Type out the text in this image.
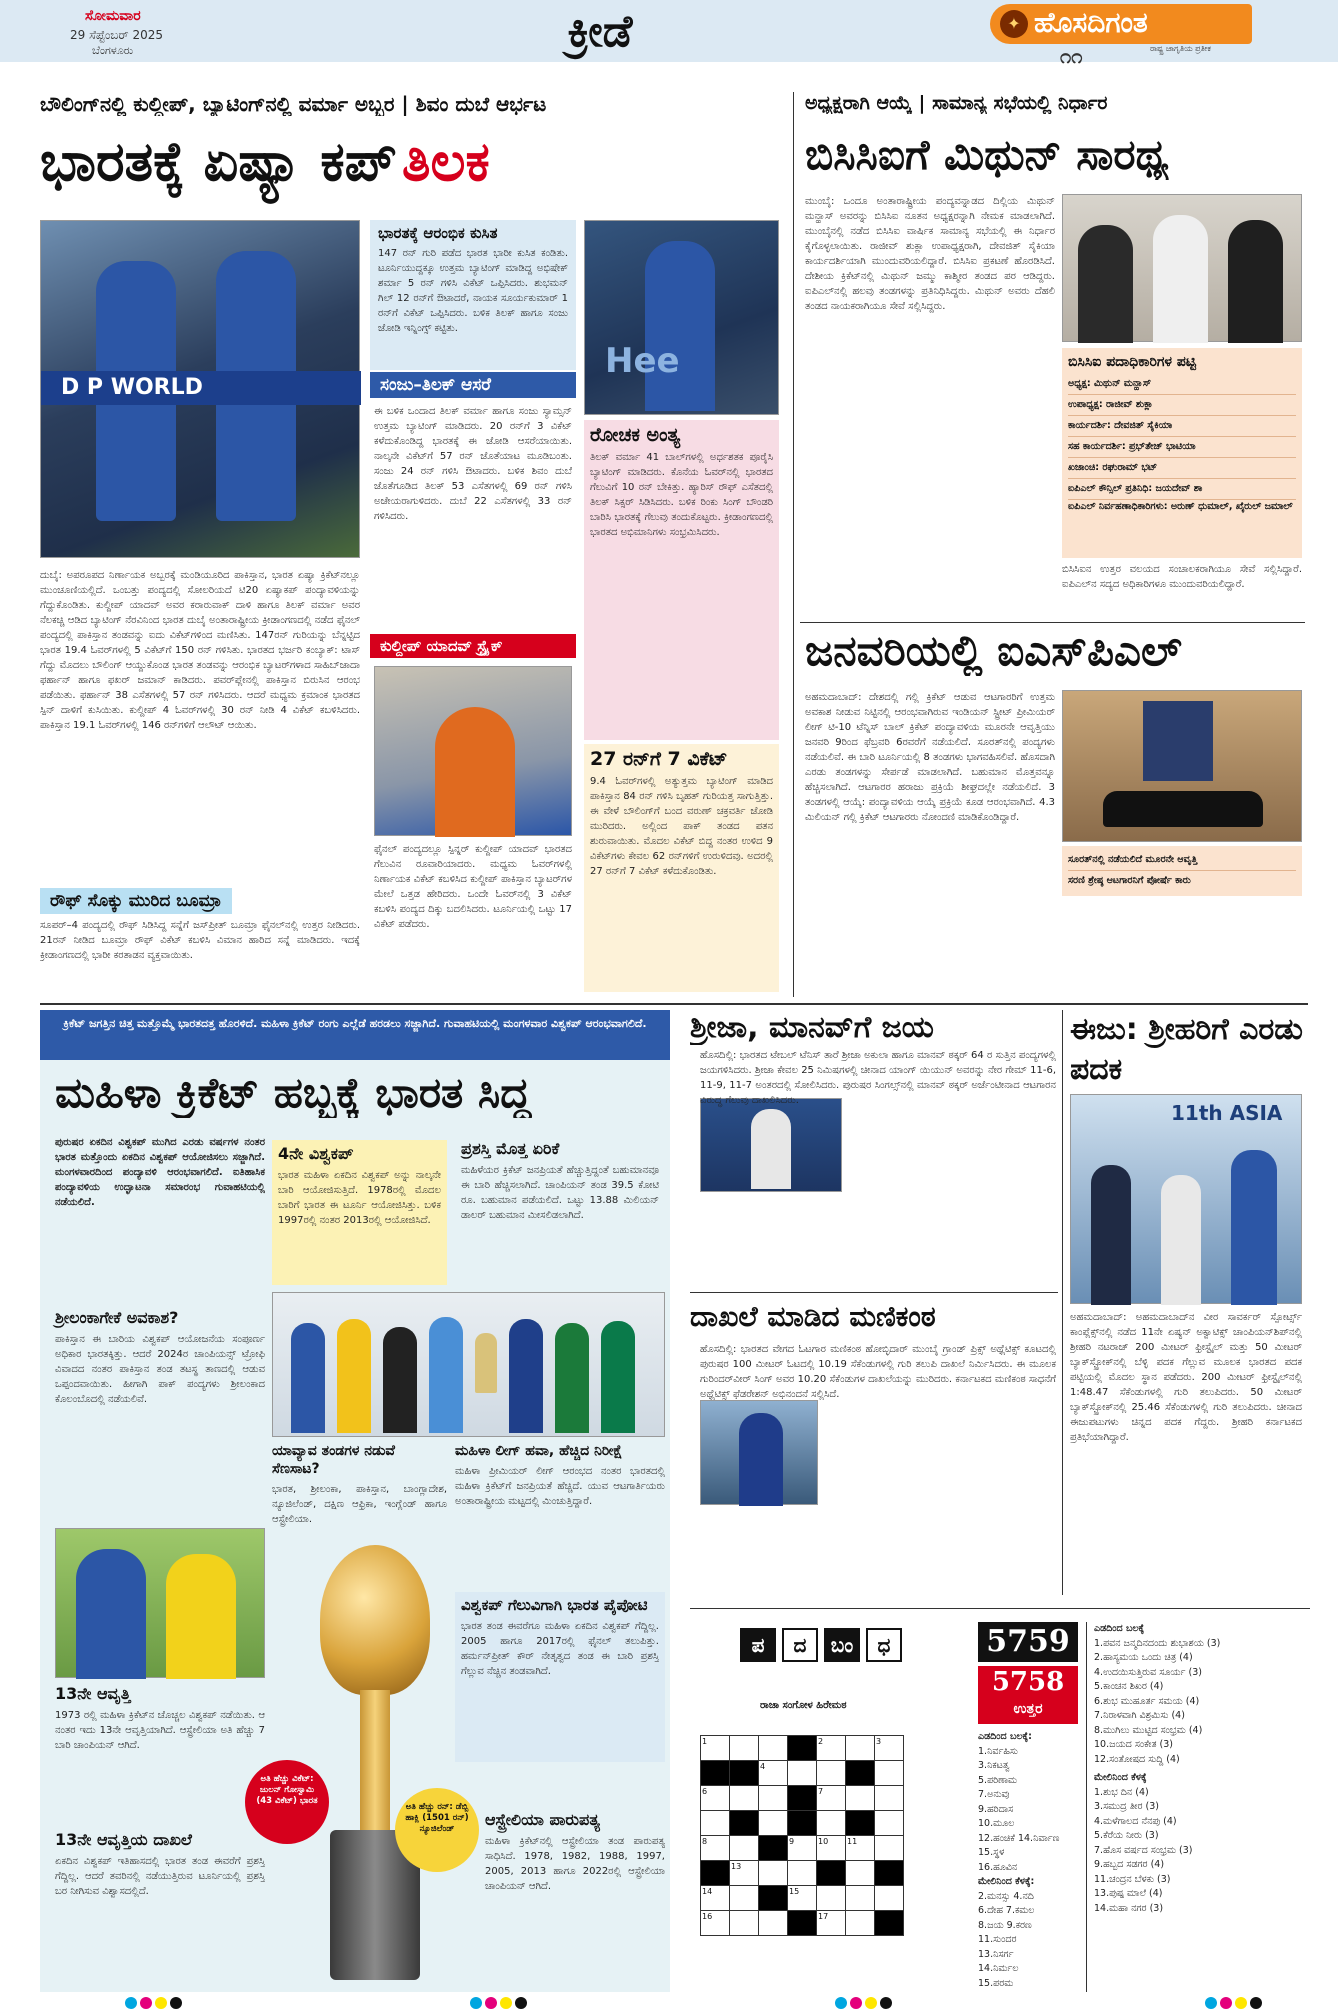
ಸೋಮವಾರ
29 ಸೆಪ್ಟೆಂಬರ್ 2025
ಬೆಂಗಳೂರು	ಕ್ರೀಡೆ	✦ ಹೊಸದಿಗಂತ
ರಾಷ್ಟ್ರ ಜಾಗೃತಿಯ ಪ್ರತೀಕ
೧೧
ಬೌಲಿಂಗ್‌ನಲ್ಲಿ ಕುಲ್ದೀಪ್, ಬ್ಯಾಟಿಂಗ್‌ನಲ್ಲಿ ವರ್ಮಾ ಅಬ್ಬರ | ಶಿವಂ ದುಬೆ ಆರ್ಭಟ
ಭಾರತಕ್ಕೆ ಏಷ್ಯಾ ಕಪ್ ತಿಲಕ
D P WORLD
ದುಬೈ: ಅಪರೂಪದ ನಿರ್ಣಾಯಕ ಅಬ್ಬರಕ್ಕೆ ಮಂಡಿಯೂರಿದ ಪಾಕಿಸ್ತಾನ, ಭಾರತ ಏಷ್ಯಾ ಕ್ರಿಕೆಟ್‌ನಲ್ಲೂ ಮುಂಚೂಣಿಯಲ್ಲಿದೆ. ಒಂಬತ್ತು ಪಂದ್ಯದಲ್ಲಿ ಸೋಲರಿಯದೆ ಟಿ20 ಏಷ್ಯಾಕಪ್ ಪಂದ್ಯಾವಳಿಯನ್ನು ಗೆದ್ದುಕೊಂಡಿತು. ಕುಲ್ದೀಪ್ ಯಾದವ್ ಅವರ ಕರಾರುವಾಕ್ ದಾಳಿ ಹಾಗೂ ತಿಲಕ್ ವರ್ಮಾ ಅವರ ನೆಲಕಚ್ಚಿ ಆಡಿದ ಬ್ಯಾಟಿಂಗ್ ನೆರವಿನಿಂದ ಭಾರತ ದುಬೈ ಅಂತಾರಾಷ್ಟ್ರೀಯ ಕ್ರೀಡಾಂಗಣದಲ್ಲಿ ನಡೆದ ಫೈನಲ್ ಪಂದ್ಯದಲ್ಲಿ ಪಾಕಿಸ್ತಾನ ತಂಡವನ್ನು ಐದು ವಿಕೆಟ್‌ಗಳಿಂದ ಮಣಿಸಿತು. 147ರನ್ ಗುರಿಯನ್ನು ಬೆನ್ನಟ್ಟಿದ ಭಾರತ 19.4 ಓವರ್‌ಗಳಲ್ಲಿ 5 ವಿಕೆಟ್‌ಗೆ 150 ರನ್ ಗಳಿಸಿತು. ಭಾರತದ ಭರ್ಜರಿ ಕಂಬ್ಯಾಕ್: ಟಾಸ್ ಗೆದ್ದು ಮೊದಲು ಬೌಲಿಂಗ್ ಆಯ್ದುಕೊಂಡ ಭಾರತ ತಂಡವನ್ನು ಆರಂಭಿಕ ಬ್ಯಾಟರ್‌ಗಳಾದ ಸಾಹಿಬ್‌ಜಾದಾ ಫರ್ಹಾನ್ ಹಾಗೂ ಫಖರ್ ಜಮಾನ್ ಕಾಡಿದರು. ಪವರ್‌ಪ್ಲೇನಲ್ಲಿ ಪಾಕಿಸ್ತಾನ ಬಿರುಸಿನ ಆರಂಭ ಪಡೆಯಿತು. ಫರ್ಹಾನ್ 38 ಎಸೆತಗಳಲ್ಲಿ 57 ರನ್ ಗಳಿಸಿದರು. ಆದರೆ ಮಧ್ಯಮ ಕ್ರಮಾಂಕ ಭಾರತದ ಸ್ಪಿನ್ ದಾಳಿಗೆ ಕುಸಿಯಿತು. ಕುಲ್ದೀಪ್ 4 ಓವರ್‌ಗಳಲ್ಲಿ 30 ರನ್ ನೀಡಿ 4 ವಿಕೆಟ್ ಕಬಳಿಸಿದರು. ಪಾಕಿಸ್ತಾನ 19.1 ಓವರ್‌ಗಳಲ್ಲಿ 146 ರನ್‌ಗಳಿಗೆ ಆಲೌಟ್ ಆಯಿತು.
ಭಾರತಕ್ಕೆ ಆರಂಭಿಕ ಕುಸಿತ
147 ರನ್ ಗುರಿ ಪಡೆದ ಭಾರತ ಭಾರೀ ಕುಸಿತ ಕಂಡಿತು. ಟೂರ್ನಿಯುದ್ದಕ್ಕೂ ಉತ್ತಮ ಬ್ಯಾಟಿಂಗ್ ಮಾಡಿದ್ದ ಅಭಿಷೇಕ್ ಶರ್ಮಾ 5 ರನ್ ಗಳಿಸಿ ವಿಕೆಟ್ ಒಪ್ಪಿಸಿದರು. ಶುಭಮನ್ ಗಿಲ್ 12 ರನ್‌ಗೆ ಔಟಾದರೆ, ನಾಯಕ ಸೂರ್ಯಕುಮಾರ್ 1 ರನ್‌ಗೆ ವಿಕೆಟ್ ಒಪ್ಪಿಸಿದರು. ಬಳಿಕ ತಿಲಕ್ ಹಾಗೂ ಸಂಜು ಜೋಡಿ ಇನ್ನಿಂಗ್ಸ್ ಕಟ್ಟಿತು.
ಸಂಜು–ತಿಲಕ್ ಆಸರೆ
ಈ ಬಳಿಕ ಒಂದಾದ ತಿಲಕ್ ವರ್ಮಾ ಹಾಗೂ ಸಂಜು ಸ್ಯಾಮ್ಸನ್ ಉತ್ತಮ ಬ್ಯಾಟಿಂಗ್ ಮಾಡಿದರು. 20 ರನ್‌ಗೆ 3 ವಿಕೆಟ್ ಕಳೆದುಕೊಂಡಿದ್ದ ಭಾರತಕ್ಕೆ ಈ ಜೋಡಿ ಆಸರೆಯಾಯಿತು. ನಾಲ್ಕನೇ ವಿಕೆಟ್‌ಗೆ 57 ರನ್ ಜೊತೆಯಾಟ ಮೂಡಿಬಂತು. ಸಂಜು 24 ರನ್ ಗಳಿಸಿ ಔಟಾದರು. ಬಳಿಕ ಶಿವಂ ದುಬೆ ಜೊತೆಗೂಡಿದ ತಿಲಕ್ 53 ಎಸೆತಗಳಲ್ಲಿ 69 ರನ್ ಗಳಿಸಿ ಅಜೇಯರಾಗುಳಿದರು. ದುಬೆ 22 ಎಸೆತಗಳಲ್ಲಿ 33 ರನ್ ಗಳಿಸಿದರು.
ಕುಲ್ದೀಪ್ ಯಾದವ್ ಸ್ಟ್ರೈಕ್
ಫೈನಲ್ ಪಂದ್ಯದಲ್ಲೂ ಸ್ಪಿನ್ನರ್ ಕುಲ್ದೀಪ್ ಯಾದವ್ ಭಾರತದ ಗೆಲುವಿನ ರೂವಾರಿಯಾದರು. ಮಧ್ಯಮ ಓವರ್‌ಗಳಲ್ಲಿ ನಿರ್ಣಾಯಕ ವಿಕೆಟ್ ಕಬಳಿಸಿದ ಕುಲ್ದೀಪ್ ಪಾಕಿಸ್ತಾನ ಬ್ಯಾಟರ್‌ಗಳ ಮೇಲೆ ಒತ್ತಡ ಹೇರಿದರು. ಒಂದೇ ಓವರ್‌ನಲ್ಲಿ 3 ವಿಕೆಟ್ ಕಬಳಿಸಿ ಪಂದ್ಯದ ದಿಕ್ಕು ಬದಲಿಸಿದರು. ಟೂರ್ನಿಯಲ್ಲಿ ಒಟ್ಟು 17 ವಿಕೆಟ್ ಪಡೆದರು.
Hee
ರೋಚಕ ಅಂತ್ಯ
ತಿಲಕ್ ವರ್ಮಾ 41 ಬಾಲ್‌ಗಳಲ್ಲಿ ಅರ್ಧಶತಕ ಪೂರೈಸಿ ಬ್ಯಾಟಿಂಗ್ ಮಾಡಿದರು. ಕೊನೆಯ ಓವರ್‌ನಲ್ಲಿ ಭಾರತದ ಗೆಲುವಿಗೆ 10 ರನ್ ಬೇಕಿತ್ತು. ಹ್ಯಾರಿಸ್ ರೌಫ್ ಎಸೆತದಲ್ಲಿ ತಿಲಕ್ ಸಿಕ್ಸರ್ ಸಿಡಿಸಿದರು. ಬಳಿಕ ರಿಂಕು ಸಿಂಗ್ ಬೌಂಡರಿ ಬಾರಿಸಿ ಭಾರತಕ್ಕೆ ಗೆಲುವು ತಂದುಕೊಟ್ಟರು. ಕ್ರೀಡಾಂಗಣದಲ್ಲಿ ಭಾರತದ ಅಭಿಮಾನಿಗಳು ಸಂಭ್ರಮಿಸಿದರು.
27 ರನ್‌ಗೆ 7 ವಿಕೆಟ್
9.4 ಓವರ್‌ಗಳಲ್ಲಿ ಅತ್ಯುತ್ತಮ ಬ್ಯಾಟಿಂಗ್ ಮಾಡಿದ ಪಾಕಿಸ್ತಾನ 84 ರನ್ ಗಳಿಸಿ ಬೃಹತ್ ಗುರಿಯತ್ತ ಸಾಗುತ್ತಿತ್ತು. ಈ ವೇಳೆ ಬೌಲಿಂಗ್‌ಗೆ ಬಂದ ವರುಣ್ ಚಕ್ರವರ್ತಿ ಜೋಡಿ ಮುರಿದರು. ಅಲ್ಲಿಂದ ಪಾಕ್ ತಂಡದ ಪತನ ಶುರುವಾಯಿತು. ಮೊದಲ ವಿಕೆಟ್ ಬಿದ್ದ ನಂತರ ಉಳಿದ 9 ವಿಕೆಟ್‌ಗಳು ಕೇವಲ 62 ರನ್‌ಗಳಿಗೆ ಉರುಳಿದವು. ಅದರಲ್ಲಿ 27 ರನ್‌ಗೆ 7 ವಿಕೆಟ್ ಕಳೆದುಕೊಂಡಿತು.
ರೌಫ್ ಸೊಕ್ಕು ಮುರಿದ ಬೂಮ್ರಾ
ಸೂಪರ್–4 ಪಂದ್ಯದಲ್ಲಿ ರೌಫ್ ಸಿಡಿಸಿದ್ದ ಸನ್ನೆಗೆ ಜಸ್‌ಪ್ರೀತ್ ಬೂಮ್ರಾ ಫೈನಲ್‌ನಲ್ಲಿ ಉತ್ತರ ನೀಡಿದರು. 21ರನ್ ನೀಡಿದ ಬೂಮ್ರಾ ರೌಫ್ ವಿಕೆಟ್ ಕಬಳಿಸಿ ವಿಮಾನ ಹಾರಿದ ಸನ್ನೆ ಮಾಡಿದರು. ಇದಕ್ಕೆ ಕ್ರೀಡಾಂಗಣದಲ್ಲಿ ಭಾರೀ ಕರತಾಡನ ವ್ಯಕ್ತವಾಯಿತು.
ಅಧ್ಯಕ್ಷರಾಗಿ ಆಯ್ಕೆ | ಸಾಮಾನ್ಯ ಸಭೆಯಲ್ಲಿ ನಿರ್ಧಾರ
ಬಿಸಿಸಿಐಗೆ ಮಿಥುನ್ ಸಾರಥ್ಯ
ಮುಂಬೈ: ಒಂದೂ ಅಂತಾರಾಷ್ಟ್ರೀಯ ಪಂದ್ಯವನ್ನಾಡದ ದಿಲ್ಲಿಯ ಮಿಥುನ್ ಮನ್ಹಾಸ್ ಅವರನ್ನು ಬಿಸಿಸಿಐ ನೂತನ ಅಧ್ಯಕ್ಷರನ್ನಾಗಿ ನೇಮಕ ಮಾಡಲಾಗಿದೆ. ಮುಂಬೈನಲ್ಲಿ ನಡೆದ ಬಿಸಿಸಿಐ ವಾರ್ಷಿಕ ಸಾಮಾನ್ಯ ಸಭೆಯಲ್ಲಿ ಈ ನಿರ್ಧಾರ ಕೈಗೊಳ್ಳಲಾಯಿತು. ರಾಜೀವ್ ಶುಕ್ಲಾ ಉಪಾಧ್ಯಕ್ಷರಾಗಿ, ದೇವಜಿತ್ ಸೈಕಿಯಾ ಕಾರ್ಯದರ್ಶಿಯಾಗಿ ಮುಂದುವರಿಯಲಿದ್ದಾರೆ. ಬಿಸಿಸಿಐ ಪ್ರಕಟಣೆ ಹೊರಡಿಸಿದೆ. ದೇಶೀಯ ಕ್ರಿಕೆಟ್‌ನಲ್ಲಿ ಮಿಥುನ್ ಜಮ್ಮು ಕಾಶ್ಮೀರ ತಂಡದ ಪರ ಆಡಿದ್ದರು. ಐಪಿಎಲ್‌ನಲ್ಲಿ ಹಲವು ತಂಡಗಳನ್ನು ಪ್ರತಿನಿಧಿಸಿದ್ದರು. ಮಿಥುನ್ ಅವರು ದೆಹಲಿ ತಂಡದ ನಾಯಕರಾಗಿಯೂ ಸೇವೆ ಸಲ್ಲಿಸಿದ್ದರು.
ಬಿಸಿಸಿಐ ಪದಾಧಿಕಾರಿಗಳ ಪಟ್ಟಿ
ಅಧ್ಯಕ್ಷ: ಮಿಥುನ್ ಮನ್ಹಾಸ್
ಉಪಾಧ್ಯಕ್ಷ: ರಾಜೀವ್ ಶುಕ್ಲಾ
ಕಾರ್ಯದರ್ಶಿ: ದೇವಜಿತ್ ಸೈಕಿಯಾ
ಸಹ ಕಾರ್ಯದರ್ಶಿ: ಪ್ರಭ್‌ತೇಜ್ ಭಾಟಿಯಾ
ಖಜಾಂಚಿ: ರಘುರಾಮ್ ಭಟ್
ಐಪಿಎಲ್ ಕೌನ್ಸಿಲ್ ಪ್ರತಿನಿಧಿ: ಜಯದೇವ್ ಶಾ
ಐಪಿಎಲ್ ನಿರ್ವಹಣಾಧಿಕಾರಿಗಳು: ಅರುಣ್ ಧುಮಾಲ್, ಖೈರುಲ್ ಜಮಾಲ್
ಬಿಸಿಸಿಐನ ಉತ್ತರ ವಲಯದ ಸಂಚಾಲಕರಾಗಿಯೂ ಸೇವೆ ಸಲ್ಲಿಸಿದ್ದಾರೆ. ಐಪಿಎಲ್‌ನ ಸದ್ಯದ ಅಧಿಕಾರಿಗಳೂ ಮುಂದುವರಿಯಲಿದ್ದಾರೆ.
ಜನವರಿಯಲ್ಲಿ ಐಎಸ್‌ಪಿಎಲ್
ಅಹಮದಾಬಾದ್: ದೇಶದಲ್ಲಿ ಗಲ್ಲಿ ಕ್ರಿಕೆಟ್ ಆಡುವ ಆಟಗಾರರಿಗೆ ಉತ್ತಮ ಅವಕಾಶ ನೀಡುವ ನಿಟ್ಟಿನಲ್ಲಿ ಆರಂಭವಾಗಿರುವ ಇಂಡಿಯನ್ ಸ್ಟ್ರೀಟ್ ಪ್ರೀಮಿಯರ್ ಲೀಗ್ ಟಿ-10 ಟೆನ್ನಿಸ್ ಬಾಲ್ ಕ್ರಿಕೆಟ್ ಪಂದ್ಯಾವಳಿಯ ಮೂರನೇ ಆವೃತ್ತಿಯು ಜನವರಿ 9ರಿಂದ ಫೆಬ್ರವರಿ 6ರವರೆಗೆ ನಡೆಯಲಿದೆ. ಸೂರತ್‌ನಲ್ಲಿ ಪಂದ್ಯಗಳು ನಡೆಯಲಿವೆ. ಈ ಬಾರಿ ಟೂರ್ನಿಯಲ್ಲಿ 8 ತಂಡಗಳು ಭಾಗವಹಿಸಲಿವೆ. ಹೊಸದಾಗಿ ಎರಡು ತಂಡಗಳನ್ನು ಸೇರ್ಪಡೆ ಮಾಡಲಾಗಿದೆ. ಬಹುಮಾನ ಮೊತ್ತವನ್ನೂ ಹೆಚ್ಚಿಸಲಾಗಿದೆ. ಆಟಗಾರರ ಹರಾಜು ಪ್ರಕ್ರಿಯೆ ಶೀಘ್ರದಲ್ಲೇ ನಡೆಯಲಿದೆ. 3 ತಂಡಗಳಲ್ಲಿ ಆಯ್ಕೆ: ಪಂದ್ಯಾವಳಿಯ ಆಯ್ಕೆ ಪ್ರಕ್ರಿಯೆ ಕೂಡ ಆರಂಭವಾಗಿದೆ. 4.3 ಮಿಲಿಯನ್ ಗಲ್ಲಿ ಕ್ರಿಕೆಟ್ ಆಟಗಾರರು ನೋಂದಣಿ ಮಾಡಿಕೊಂಡಿದ್ದಾರೆ.
ಸೂರತ್‌ನಲ್ಲಿ ನಡೆಯಲಿದೆ ಮೂರನೇ ಆವೃತ್ತಿ
ಸರಣಿ ಶ್ರೇಷ್ಠ ಆಟಗಾರನಿಗೆ ಪೋರ್ಷೆ ಕಾರು
ಕ್ರಿಕೆಟ್ ಜಗತ್ತಿನ ಚಿತ್ತ ಮತ್ತೊಮ್ಮೆ ಭಾರತದತ್ತ ಹೊರಳಿದೆ. ಮಹಿಳಾ ಕ್ರಿಕೆಟ್ ರಂಗು ಎಲ್ಲೆಡೆ ಹರಡಲು ಸಜ್ಜಾಗಿದೆ. ಗುವಾಹಟಿಯಲ್ಲಿ ಮಂಗಳವಾರ ವಿಶ್ವಕಪ್ ಆರಂಭವಾಗಲಿದೆ.
ಮಹಿಳಾ ಕ್ರಿಕೆಟ್ ಹಬ್ಬಕ್ಕೆ ಭಾರತ ಸಿದ್ಧ
ಪುರುಷರ ಏಕದಿನ ವಿಶ್ವಕಪ್ ಮುಗಿದ ಎರಡು ವರ್ಷಗಳ ನಂತರ ಭಾರತ ಮತ್ತೊಂದು ಏಕದಿನ ವಿಶ್ವಕಪ್ ಆಯೋಜಿಸಲು ಸಜ್ಜಾಗಿದೆ. ಮಂಗಳವಾರದಿಂದ ಪಂದ್ಯಾವಳಿ ಆರಂಭವಾಗಲಿದೆ. ಐತಿಹಾಸಿಕ ಪಂದ್ಯಾವಳಿಯ ಉದ್ಘಾಟನಾ ಸಮಾರಂಭ ಗುವಾಹಟಿಯಲ್ಲಿ ನಡೆಯಲಿದೆ.
4ನೇ ವಿಶ್ವಕಪ್
ಭಾರತ ಮಹಿಳಾ ಏಕದಿನ ವಿಶ್ವಕಪ್ ಅನ್ನು ನಾಲ್ಕನೇ ಬಾರಿ ಆಯೋಜಿಸುತ್ತಿದೆ. 1978ರಲ್ಲಿ ಮೊದಲ ಬಾರಿಗೆ ಭಾರತ ಈ ಟೂರ್ನಿ ಆಯೋಜಿಸಿತ್ತು. ಬಳಿಕ 1997ರಲ್ಲಿ ನಂತರ 2013ರಲ್ಲಿ ಆಯೋಜಿಸಿದೆ.
ಪ್ರಶಸ್ತಿ ಮೊತ್ತ ಏರಿಕೆ
ಮಹಿಳೆಯರ ಕ್ರಿಕೆಟ್ ಜನಪ್ರಿಯತೆ ಹೆಚ್ಚುತ್ತಿದ್ದಂತೆ ಬಹುಮಾನವೂ ಈ ಬಾರಿ ಹೆಚ್ಚಿಸಲಾಗಿದೆ. ಚಾಂಪಿಯನ್ ತಂಡ 39.5 ಕೋಟಿ ರೂ. ಬಹುಮಾನ ಪಡೆಯಲಿದೆ. ಒಟ್ಟು 13.88 ಮಿಲಿಯನ್ ಡಾಲರ್ ಬಹುಮಾನ ಮೀಸಲಿಡಲಾಗಿದೆ.
ಶ್ರೀಲಂಕಾಗೇಕೆ ಅವಕಾಶ?
ಪಾಕಿಸ್ತಾನ ಈ ಬಾರಿಯ ವಿಶ್ವಕಪ್ ಆಯೋಜನೆಯ ಸಂಪೂರ್ಣ ಅಧಿಕಾರ ಭಾರತಕ್ಕಿತ್ತು. ಆದರೆ 2024ರ ಚಾಂಪಿಯನ್ಸ್ ಟ್ರೋಫಿ ವಿವಾದದ ನಂತರ ಪಾಕಿಸ್ತಾನ ತಂಡ ತಟಸ್ಥ ತಾಣದಲ್ಲಿ ಆಡುವ ಒಪ್ಪಂದವಾಯಿತು. ಹೀಗಾಗಿ ಪಾಕ್ ಪಂದ್ಯಗಳು ಶ್ರೀಲಂಕಾದ ಕೊಲಂಬೊದಲ್ಲಿ ನಡೆಯಲಿವೆ.
ಯಾವ್ಯಾವ ತಂಡಗಳ ನಡುವೆ ಸೆಣಸಾಟ?
ಭಾರತ, ಶ್ರೀಲಂಕಾ, ಪಾಕಿಸ್ತಾನ, ಬಾಂಗ್ಲಾದೇಶ, ನ್ಯೂಜಿಲೆಂಡ್, ದಕ್ಷಿಣ ಆಫ್ರಿಕಾ, ಇಂಗ್ಲೆಂಡ್ ಹಾಗೂ ಆಸ್ಟ್ರೇಲಿಯಾ.
ಮಹಿಳಾ ಲೀಗ್ ಹವಾ, ಹೆಚ್ಚಿದ ನಿರೀಕ್ಷೆ
ಮಹಿಳಾ ಪ್ರೀಮಿಯರ್ ಲೀಗ್ ಆರಂಭದ ನಂತರ ಭಾರತದಲ್ಲಿ ಮಹಿಳಾ ಕ್ರಿಕೆಟ್‌ಗೆ ಜನಪ್ರಿಯತೆ ಹೆಚ್ಚಿದೆ. ಯುವ ಆಟಗಾರ್ತಿಯರು ಅಂತಾರಾಷ್ಟ್ರೀಯ ಮಟ್ಟದಲ್ಲಿ ಮಿಂಚುತ್ತಿದ್ದಾರೆ.
ಅತಿ ಹೆಚ್ಚು ವಿಕೆಟ್: ಜುಲನ್ ಗೋಸ್ವಾಮಿ (43 ವಿಕೆಟ್) ಭಾರತ
ಅತಿ ಹೆಚ್ಚು ರನ್: ಡೆಬ್ಬಿ ಹಾಕ್ಲಿ (1501 ರನ್) ನ್ಯೂಜಿಲೆಂಡ್
ವಿಶ್ವಕಪ್ ಗೆಲುವಿಗಾಗಿ ಭಾರತ ಪೈಪೋಟಿ
ಭಾರತ ತಂಡ ಈವರೆಗೂ ಮಹಿಳಾ ಏಕದಿನ ವಿಶ್ವಕಪ್ ಗೆದ್ದಿಲ್ಲ. 2005 ಹಾಗೂ 2017ರಲ್ಲಿ ಫೈನಲ್ ತಲುಪಿತ್ತು. ಹರ್ಮನ್‌ಪ್ರೀತ್ ಕೌರ್ ನೇತೃತ್ವದ ತಂಡ ಈ ಬಾರಿ ಪ್ರಶಸ್ತಿ ಗೆಲ್ಲುವ ನೆಚ್ಚಿನ ತಂಡವಾಗಿದೆ.
13ನೇ ಆವೃತ್ತಿ
1973 ರಲ್ಲಿ ಮಹಿಳಾ ಕ್ರಿಕೆಟ್‌ನ ಚೊಚ್ಚಲ ವಿಶ್ವಕಪ್ ನಡೆಯಿತು. ಆ ನಂತರ ಇದು 13ನೇ ಆವೃತ್ತಿಯಾಗಿದೆ. ಆಸ್ಟ್ರೇಲಿಯಾ ಅತಿ ಹೆಚ್ಚು 7 ಬಾರಿ ಚಾಂಪಿಯನ್ ಆಗಿದೆ.
13ನೇ ಆವೃತ್ತಿಯ ದಾಖಲೆ
ಏಕದಿನ ವಿಶ್ವಕಪ್ ಇತಿಹಾಸದಲ್ಲಿ ಭಾರತ ತಂಡ ಈವರೆಗೆ ಪ್ರಶಸ್ತಿ ಗೆದ್ದಿಲ್ಲ. ಆದರೆ ತವರಿನಲ್ಲಿ ನಡೆಯುತ್ತಿರುವ ಟೂರ್ನಿಯಲ್ಲಿ ಪ್ರಶಸ್ತಿ ಬರ ನೀಗಿಸುವ ವಿಶ್ವಾಸದಲ್ಲಿದೆ.
ಆಸ್ಟ್ರೇಲಿಯಾ ಪಾರುಪತ್ಯ
ಮಹಿಳಾ ಕ್ರಿಕೆಟ್‌ನಲ್ಲಿ ಆಸ್ಟ್ರೇಲಿಯಾ ತಂಡ ಪಾರುಪತ್ಯ ಸಾಧಿಸಿದೆ. 1978, 1982, 1988, 1997, 2005, 2013 ಹಾಗೂ 2022ರಲ್ಲಿ ಆಸ್ಟ್ರೇಲಿಯಾ ಚಾಂಪಿಯನ್ ಆಗಿದೆ.
ಶ್ರೀಜಾ, ಮಾನವ್‌ಗೆ ಜಯ
ಹೊಸದಿಲ್ಲಿ: ಭಾರತದ ಟೇಬಲ್ ಟೆನಿಸ್ ತಾರೆ ಶ್ರೀಜಾ ಅಕುಲಾ ಹಾಗೂ ಮಾನವ್ ಠಕ್ಕರ್ 64 ರ ಸುತ್ತಿನ ಪಂದ್ಯಗಳಲ್ಲಿ ಜಯಗಳಿಸಿದರು. ಶ್ರೀಜಾ ಕೇವಲ 25 ನಿಮಿಷಗಳಲ್ಲಿ ಚೀನಾದ ಯಾಂಗ್ ಯಿಯುನ್ ಅವರನ್ನು ನೇರ ಗೇಮ್ 11-6, 11-9, 11-7 ಅಂತರದಲ್ಲಿ ಸೋಲಿಸಿದರು. ಪುರುಷರ ಸಿಂಗಲ್ಸ್‌ನಲ್ಲಿ ಮಾನವ್ ಠಕ್ಕರ್ ಅರ್ಜೆಂಟೀನಾದ ಆಟಗಾರನ ವಿರುದ್ಧ ಗೆಲುವು ದಾಖಲಿಸಿದರು.
ದಾಖಲೆ ಮಾಡಿದ ಮಣಿಕಂಠ
ಹೊಸದಿಲ್ಲಿ: ಭಾರತದ ವೇಗದ ಓಟಗಾರ ಮಣಿಕಂಠ ಹೋಬ್ಳಿದಾರ್ ಮುಂಬೈ ಗ್ರಾಂಡ್ ಪ್ರಿಕ್ಸ್ ಅಥ್ಲೆಟಿಕ್ಸ್ ಕೂಟದಲ್ಲಿ ಪುರುಷರ 100 ಮೀಟರ್ ಓಟದಲ್ಲಿ 10.19 ಸೆಕೆಂಡುಗಳಲ್ಲಿ ಗುರಿ ತಲುಪಿ ದಾಖಲೆ ನಿರ್ಮಿಸಿದರು. ಈ ಮೂಲಕ ಗುರಿಂದರ್‌ವೀರ್ ಸಿಂಗ್ ಅವರ 10.20 ಸೆಕೆಂಡುಗಳ ದಾಖಲೆಯನ್ನು ಮುರಿದರು. ಕರ್ನಾಟಕದ ಮಣಿಕಂಠ ಸಾಧನೆಗೆ ಅಥ್ಲೆಟಿಕ್ಸ್ ಫೆಡರೇಶನ್ ಅಭಿನಂದನೆ ಸಲ್ಲಿಸಿದೆ.
ಈಜು: ಶ್ರೀಹರಿಗೆ ಎರಡು ಪದಕ
11th ASIA
ಅಹಮದಾಬಾದ್: ಅಹಮದಾಬಾದ್‌ನ ವೀರ ಸಾವರ್ಕರ್ ಸ್ಪೋರ್ಟ್ಸ್ ಕಾಂಪ್ಲೆಕ್ಸ್‌ನಲ್ಲಿ ನಡೆದ 11ನೇ ಏಷ್ಯನ್ ಅಕ್ವಾಟಿಕ್ಸ್ ಚಾಂಪಿಯನ್‌ಶಿಪ್‌ನಲ್ಲಿ ಶ್ರೀಹರಿ ನಟರಾಜ್ 200 ಮೀಟರ್ ಫ್ರೀಸ್ಟೈಲ್ ಮತ್ತು 50 ಮೀಟರ್ ಬ್ಯಾಕ್‌ಸ್ಟ್ರೋಕ್‌ನಲ್ಲಿ ಬೆಳ್ಳಿ ಪದಕ ಗೆಲ್ಲುವ ಮೂಲಕ ಭಾರತದ ಪದಕ ಪಟ್ಟಿಯಲ್ಲಿ ಮೊದಲ ಸ್ಥಾನ ಪಡೆದರು. 200 ಮೀಟರ್ ಫ್ರೀಸ್ಟೈಲ್‌ನಲ್ಲಿ 1:48.47 ಸೆಕೆಂಡುಗಳಲ್ಲಿ ಗುರಿ ತಲುಪಿದರು. 50 ಮೀಟರ್ ಬ್ಯಾಕ್‌ಸ್ಟ್ರೋಕ್‌ನಲ್ಲಿ 25.46 ಸೆಕೆಂಡುಗಳಲ್ಲಿ ಗುರಿ ತಲುಪಿದರು. ಚೀನಾದ ಈಜುಪಟುಗಳು ಚಿನ್ನದ ಪದಕ ಗೆದ್ದರು. ಶ್ರೀಹರಿ ಕರ್ನಾಟಕದ ಪ್ರತಿಭೆಯಾಗಿದ್ದಾರೆ.
ಪ	ದ	ಬಂ	ಧ	5759
5758
ಉತ್ತರ
ರಾಜಾ ಸಂಗೋಳ ಹಿರೇಮಠ
1				2		3
		4				
6				7		

8			9	10	11	
	13					
14			15			
16				17		
ಎಡದಿಂದ ಬಲಕ್ಕೆ:
1.ನಿರ್ವಹಿಸು
3.ನಿಕಟತ್ವ
5.ಪರಿಣಾಮ
7.ಅನುವು
9.ಹರಿದಾಸ
10.ಮೂಲ
12.ಹಂಚಿಕೆ 14.ನಿರ್ವಾಣ
15.ಸ್ಥಳ
16.ಹೂವಿನ
ಮೇಲಿನಿಂದ ಕೆಳಕ್ಕೆ:
2.ಮನಸ್ಸು 4.ನದಿ
6.ದೇಹ 7.ಕಮಲ
8.ಜಯ 9.ಕರಣ
11.ಸುಂದರ
13.ನಿಸರ್ಗ
14.ನಿರ್ಮಲ
15.ಪರಮ
ಎಡದಿಂದ ಬಲಕ್ಕೆ
1.ಪವನ ಜನ್ಮದಿನದಂದು ಶುಭಾಶಯ (3)
2.ಹಾಸ್ಯಮಯ ಒಂದು ಚಿತ್ರ (4)
4.ಉದಯಿಸುತ್ತಿರುವ ಸೂರ್ಯ (3)
5.ಕಾಂಚನ ಶಿಖರ (4)
6.ಶುಭ ಮುಹೂರ್ತ ಸಮಯ (4)
7.ನಿರಾಳವಾಗಿ ವಿಶ್ರಮಿಸು (4)
8.ಮುಗಿಲು ಮುಟ್ಟಿದ ಸಂಭ್ರಮ (4)
10.ಜಯದ ಸಂಕೇತ (3)
12.ಸಂತೋಷದ ಸುದ್ದಿ (4)
ಮೇಲಿನಿಂದ ಕೆಳಕ್ಕೆ
1.ಶುಭ ದಿನ (4)
3.ಸಮುದ್ರ ತೀರ (3)
4.ಮಳೆಗಾಲದ ನೆನಪು (4)
5.ಕೆರೆಯ ನೀರು (3)
7.ಹೊಸ ವರ್ಷದ ಸಂಭ್ರಮ (3)
9.ಹಬ್ಬದ ಸಡಗರ (4)
11.ಚಂದ್ರನ ಬೆಳಕು (3)
13.ಪುಷ್ಪ ಮಾಲೆ (4)
14.ಮಹಾ ನಗರ (3)
